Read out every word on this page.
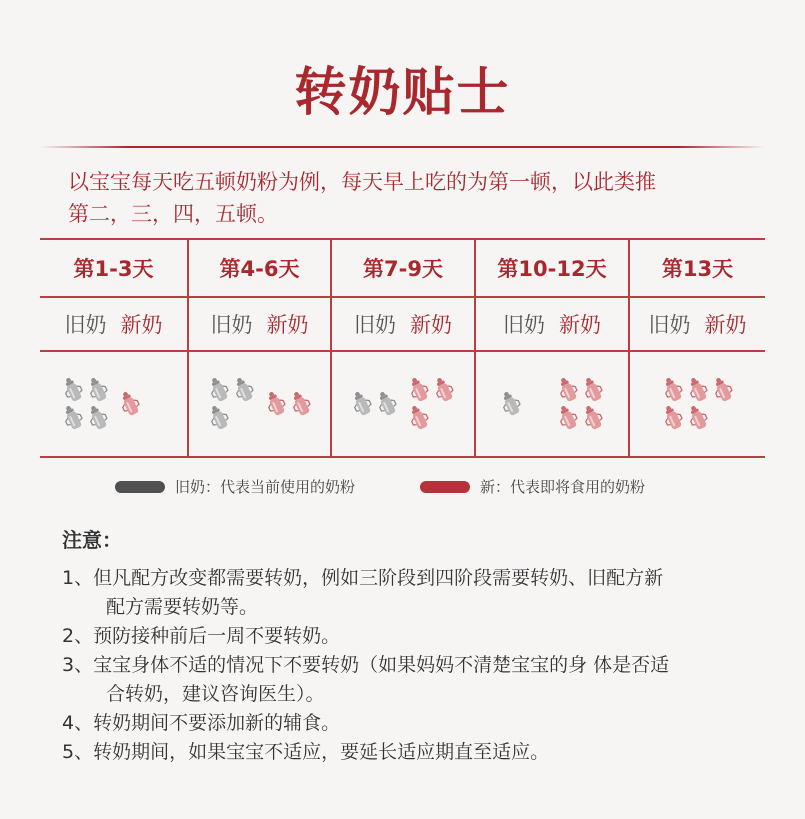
转奶贴士
以宝宝每天吃五顿奶粉为例，每天早上吃的为第一顿，以此类推
第二，三，四，五顿。
第1-3天	第4-6天	第7-9天	第10-12天	第13天
旧奶 新奶 旧奶 新奶 旧奶 新奶 旧奶 新奶 旧奶 新奶
旧奶：代表当前使用的奶粉	新：代表即将食用的奶粉
注意：
1、但凡配方改变都需要转奶，例如三阶段到四阶段需要转奶、旧配方新
配方需要转奶等。
2、预防接种前后一周不要转奶。
3、宝宝身体不适的情况下不要转奶（如果妈妈不清楚宝宝的身 体是否适
合转奶，建议咨询医生）。
4、转奶期间不要添加新的辅食。
5、转奶期间，如果宝宝不适应，要延长适应期直至适应。
